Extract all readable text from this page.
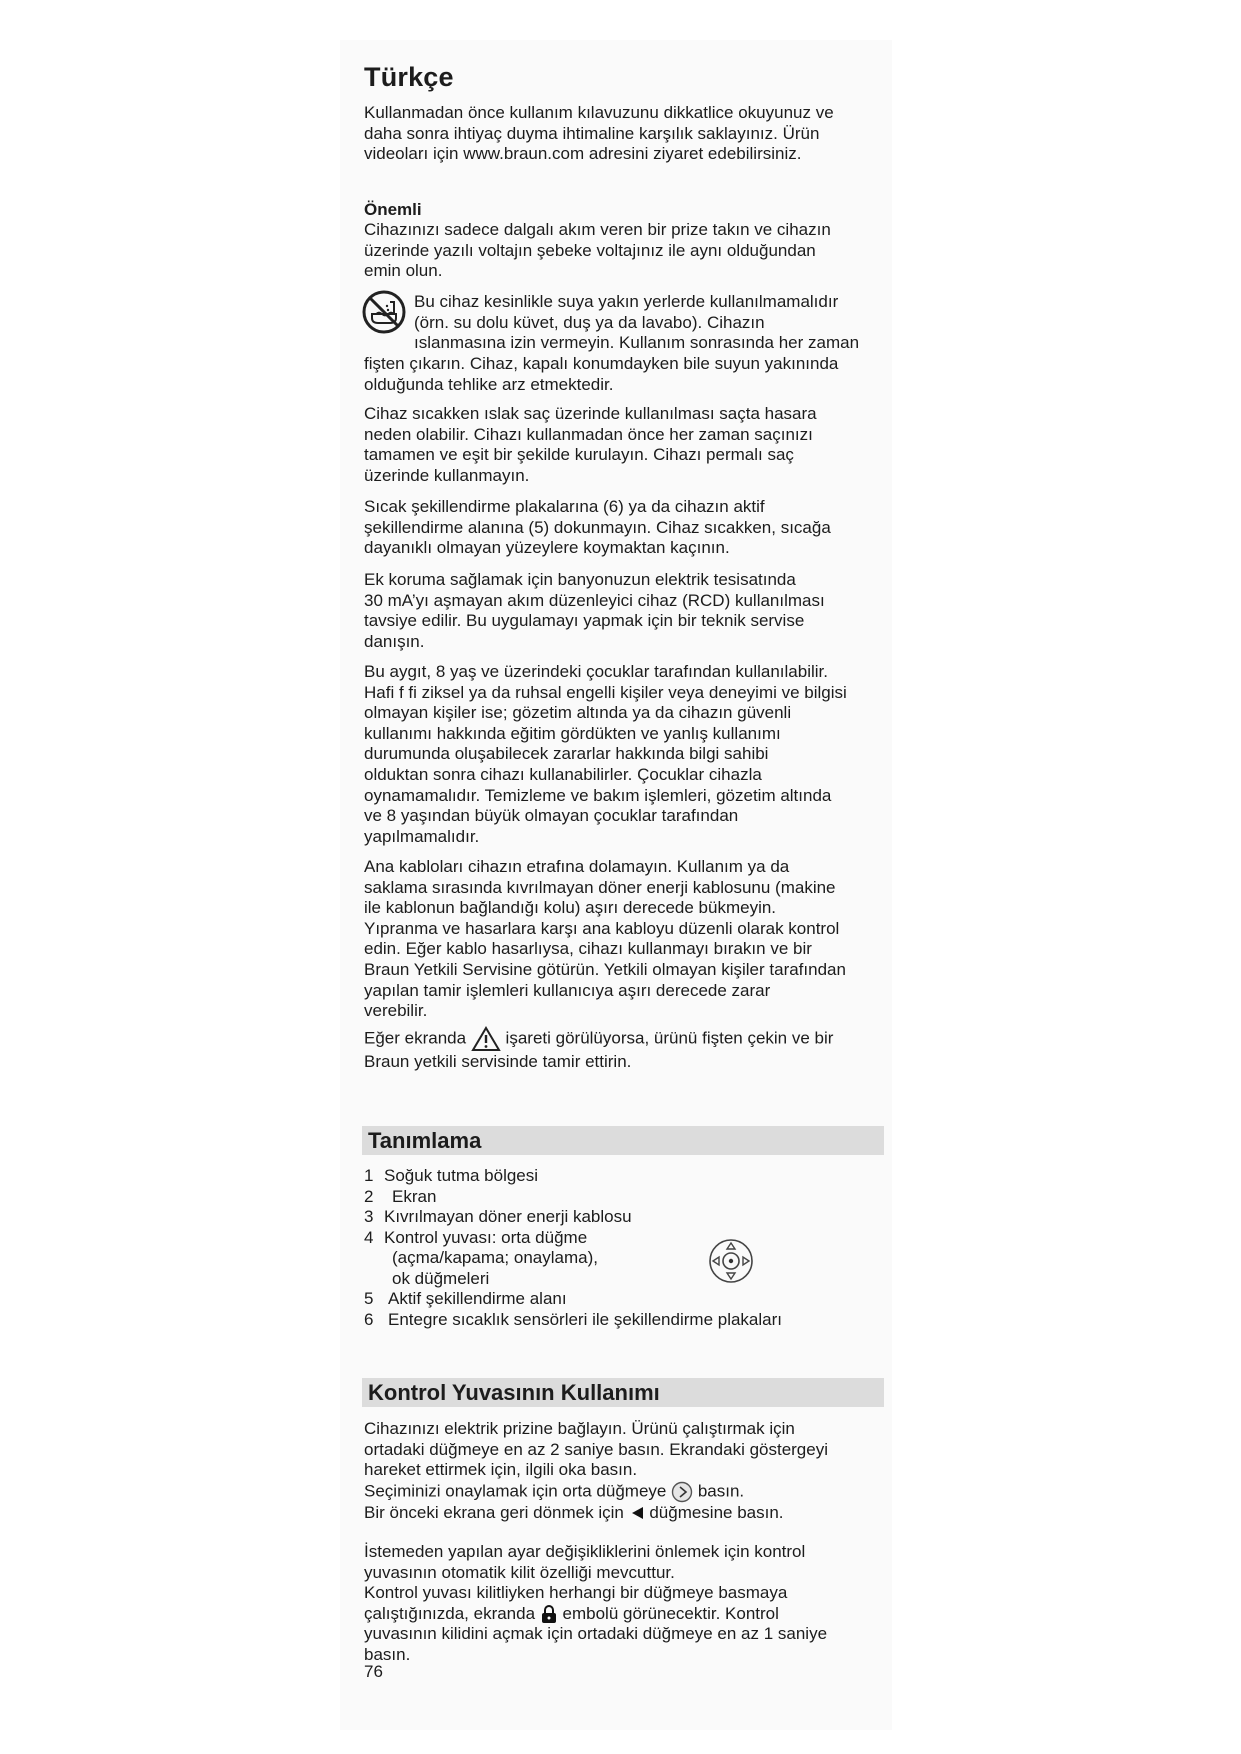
Türkçe
Kullanmadan önce kullanım kılavuzunu dikkatlice okuyunuz ve
daha sonra ihtiyaç duyma ihtimaline karşılık saklayınız. Ürün
videoları için www.braun.com adresini ziyaret edebilirsiniz.

Önemli

Cihazınızı sadece dalgalı akım veren bir prize takın ve cihazın
üzerinde yazılı voltajın şebeke voltajınız ile aynı olduğundan
emin olun.
Bu cihaz kesinlikle suya yakın yerlerde kullanılmamalıdır
(örn. su dolu küvet, duş ya da lavabo). Cihazın
ıslanmasına izin vermeyin. Kullanım sonrasında her zaman
fişten çıkarın. Cihaz, kapalı konumdayken bile suyun yakınında
olduğunda tehlike arz etmektedir.
Cihaz sıcakken ıslak saç üzerinde kullanılması saçta hasara
neden olabilir. Cihazı kullanmadan önce her zaman saçınızı
tamamen ve eşit bir şekilde kurulayın. Cihazı permalı saç
üzerinde kullanmayın.
Sıcak şekillendirme plakalarına (6) ya da cihazın aktif
şekillendirme alanına (5) dokunmayın. Cihaz sıcakken, sıcağa
dayanıklı olmayan yüzeylere koymaktan kaçının.
Ek koruma sağlamak için banyonuzun elektrik tesisatında
30 mA’yı aşmayan akım düzenleyici cihaz (RCD) kullanılması
tavsiye edilir. Bu uygulamayı yapmak için bir teknik servise
danışın.
Bu aygıt, 8 yaş ve üzerindeki çocuklar tarafından kullanılabilir.
Hafi f fi ziksel ya da ruhsal engelli kişiler veya deneyimi ve bilgisi
olmayan kişiler ise; gözetim altında ya da cihazın güvenli
kullanımı hakkında eğitim gördükten ve yanlış kullanımı
durumunda oluşabilecek zararlar hakkında bilgi sahibi
olduktan sonra cihazı kullanabilirler. Çocuklar cihazla
oynamamalıdır. Temizleme ve bakım işlemleri, gözetim altında
ve 8 yaşından büyük olmayan çocuklar tarafından
yapılmamalıdır.
Ana kabloları cihazın etrafına dolamayın. Kullanım ya da
saklama sırasında kıvrılmayan döner enerji kablosunu (makine
ile kablonun bağlandığı kolu) aşırı derecede bükmeyin.
Yıpranma ve hasarlara karşı ana kabloyu düzenli olarak kontrol
edin. Eğer kablo hasarlıysa, cihazı kullanmayı bırakın ve bir
Braun Yetkili Servisine götürün. Yetkili olmayan kişiler tarafından
yapılan tamir işlemleri kullanıcıya aşırı derecede zarar
verebilir.
Eğer ekranda işareti görülüyorsa, ürünü fişten çekin ve bir
Braun yetkili servisinde tamir ettirin.
Tanımlama
1 Soğuk tutma bölgesi
2 Ekran
3 Kıvrılmayan döner enerji kablosu
4 Kontrol yuvası: orta düğme
(açma/kapama; onaylama),
ok düğmeleri
5 Aktif şekillendirme alanı
6 Entegre sıcaklık sensörleri ile şekillendirme plakaları
Kontrol Yuvasının Kullanımı
Cihazınızı elektrik prizine bağlayın. Ürünü çalıştırmak için
ortadaki düğmeye en az 2 saniye basın. Ekrandaki göstergeyi
hareket ettirmek için, ilgili oka basın.
Seçiminizi onaylamak için orta düğmeye basın.
Bir önceki ekrana geri dönmek için düğmesine basın.
İstemeden yapılan ayar değişikliklerini önlemek için kontrol
yuvasının otomatik kilit özelliği mevcuttur.
Kontrol yuvası kilitliyken herhangi bir düğmeye basmaya
çalıştığınızda, ekranda embolü görünecektir. Kontrol
yuvasının kilidini açmak için ortadaki düğmeye en az 1 saniye
basın.

76
